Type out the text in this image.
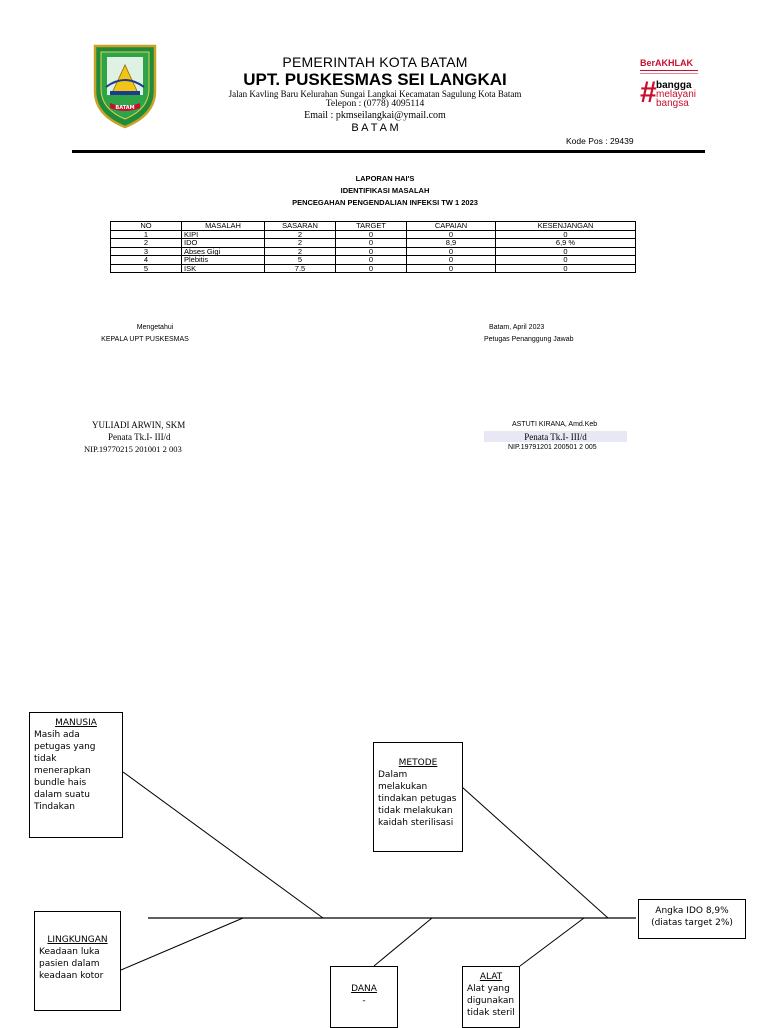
BATAM
PEMERINTAH KOTA BATAM
UPT. PUSKESMAS SEI LANGKAI
Jalan Kavling Baru Kelurahan Sungai Langkai Kecamatan Sagulung Kota Batam
Telepon : (0778) 4095114
Email : pkmseilangkai@ymail.com
B A T A M
Kode Pos : 29439
BerAKHLAK
# bangga
melayani
bangsa
LAPORAN HAI'S
IDENTIFIKASI MASALAH
PENCEGAHAN PENGENDALIAN INFEKSI TW 1 2023
NO	MASALAH	SASARAN	TARGET	CAPAIAN	KESENJANGAN
1	KIPI	2	0	0	0
2	IDO	2	0	8,9	6,9 %
3	Abses Gigi	2	0	0	0
4	Plebitis	5	0	0	0
5	ISK	7.5	0	0	0
Mengetahui
KEPALA UPT PUSKESMAS
Batam, April 2023
Petugas Penanggung Jawab
YULIADI ARWIN, SKM
Penata Tk.I- III/d
NIP.19770215 201001 2 003
ASTUTI KIRANA, Amd.Keb
Penata Tk.I- III/d
NIP.19791201 200501 2 005
MANUSIA
Masih ada petugas yang tidak menerapkan bundle hais dalam suatu Tindakan
METODE
Dalam melakukan tindakan petugas tidak melakukan kaidah sterilisasi
LINGKUNGAN
Keadaan luka pasien dalam keadaan kotor
DANA
-
ALAT
Alat yang digunakan tidak steril
Angka IDO 8,9%
(diatas target 2%)
